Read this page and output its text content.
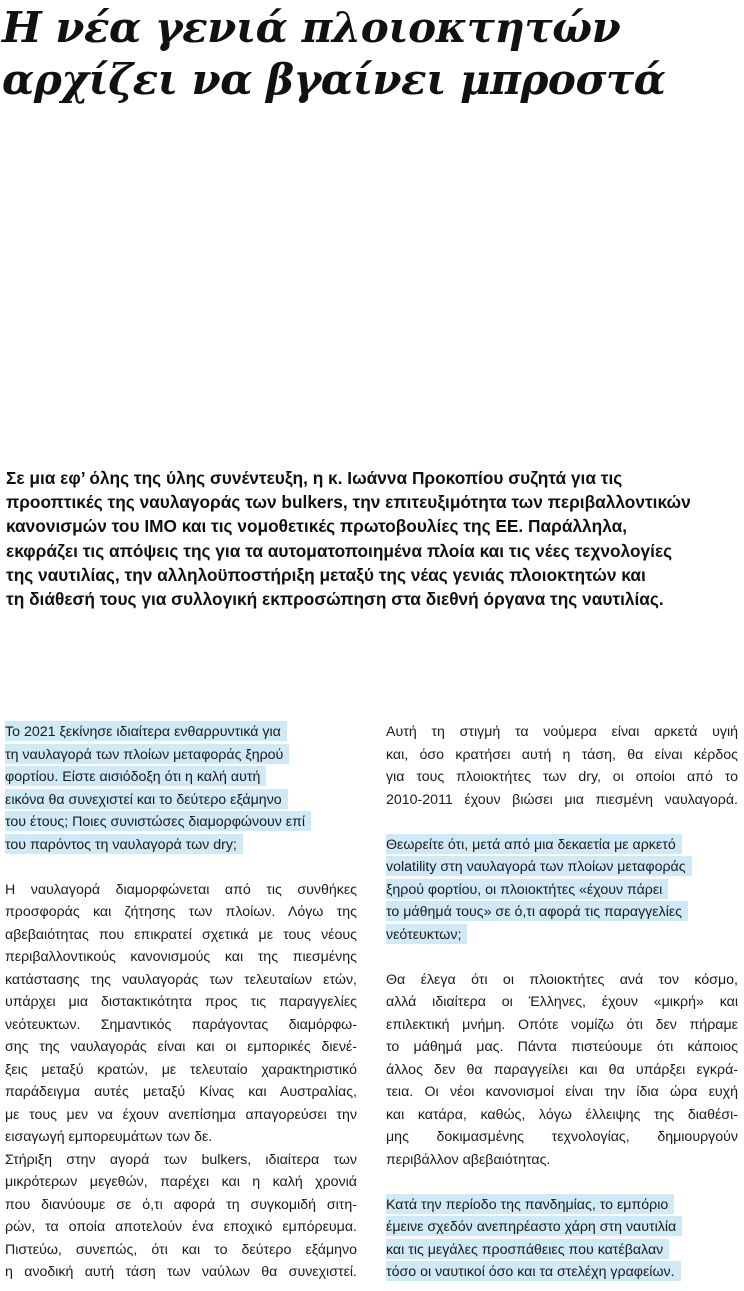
Η νέα γενιά πλοιοκτητών
αρχίζει να βγαίνει μπροστά
Σε μια εφ’ όλης της ύλης συνέντευξη, η κ. Ιωάννα Προκοπίου συζητά για τις
προοπτικές της ναυλαγοράς των bulkers, την επιτευξιμότητα των περιβαλλοντικών
κανονισμών του IMO και τις νομοθετικές πρωτοβουλίες της ΕΕ. Παράλληλα,
εκφράζει τις απόψεις της για τα αυτοματοποιημένα πλοία και τις νέες τεχνολογίες
της ναυτιλίας, την αλληλοϋποστήριξη μεταξύ της νέας γενιάς πλοιοκτητών και
τη διάθεσή τους για συλλογική εκπροσώπηση στα διεθνή όργανα της ναυτιλίας.
Το 2021 ξεκίνησε ιδιαίτερα ενθαρρυντικά για
τη ναυλαγορά των πλοίων μεταφοράς ξηρού
φορτίου. Είστε αισιόδοξη ότι η καλή αυτή
εικόνα θα συνεχιστεί και το δεύτερο εξάμηνο
του έτους; Ποιες συνιστώσες διαμορφώνουν επί
του παρόντος τη ναυλαγορά των dry;
Η ναυλαγορά διαμορφώνεται από τις συνθήκες
προσφοράς και ζήτησης των πλοίων. Λόγω της
αβεβαιότητας που επικρατεί σχετικά με τους νέους
περιβαλλοντικούς κανονισμούς και της πιεσμένης
κατάστασης της ναυλαγοράς των τελευταίων ετών,
υπάρχει μια διστακτικότητα προς τις παραγγελίες
νεότευκτων. Σημαντικός παράγοντας διαμόρφω-
σης της ναυλαγοράς είναι και οι εμπορικές διενέ-
ξεις μεταξύ κρατών, με τελευταίο χαρακτηριστικό
παράδειγμα αυτές μεταξύ Κίνας και Αυστραλίας,
με τους μεν να έχουν ανεπίσημα απαγορεύσει την
εισαγωγή εμπορευμάτων των δε.
Στήριξη στην αγορά των bulkers, ιδιαίτερα των
μικρότερων μεγεθών, παρέχει και η καλή χρονιά
που διανύουμε σε ό,τι αφορά τη συγκομιδή σιτη-
ρών, τα οποία αποτελούν ένα εποχικό εμπόρευμα.
Πιστεύω, συνεπώς, ότι και το δεύτερο εξάμηνο
η ανοδική αυτή τάση των ναύλων θα συνεχιστεί.
Αυτή τη στιγμή τα νούμερα είναι αρκετά υγιή
και, όσο κρατήσει αυτή η τάση, θα είναι κέρδος
για τους πλοιοκτήτες των dry, οι οποίοι από το
2010-2011 έχουν βιώσει μια πιεσμένη ναυλαγορά.
Θεωρείτε ότι, μετά από μια δεκαετία με αρκετό
volatility στη ναυλαγορά των πλοίων μεταφοράς
ξηρού φορτίου, οι πλοιοκτήτες «έχουν πάρει
το μάθημά τους» σε ό,τι αφορά τις παραγγελίες
νεότευκτων;
Θα έλεγα ότι οι πλοιοκτήτες ανά τον κόσμο,
αλλά ιδιαίτερα οι Έλληνες, έχουν «μικρή» και
επιλεκτική μνήμη. Οπότε νομίζω ότι δεν πήραμε
το μάθημά μας. Πάντα πιστεύουμε ότι κάποιος
άλλος δεν θα παραγγείλει και θα υπάρξει εγκρά-
τεια. Οι νέοι κανονισμοί είναι την ίδια ώρα ευχή
και κατάρα, καθώς, λόγω έλλειψης της διαθέσι-
μης δοκιμασμένης τεχνολογίας, δημιουργούν
περιβάλλον αβεβαιότητας.
Κατά την περίοδο της πανδημίας, το εμπόριο
έμεινε σχεδόν ανεπηρέαστο χάρη στη ναυτιλία
και τις μεγάλες προσπάθειες που κατέβαλαν
τόσο οι ναυτικοί όσο και τα στελέχη γραφείων.
